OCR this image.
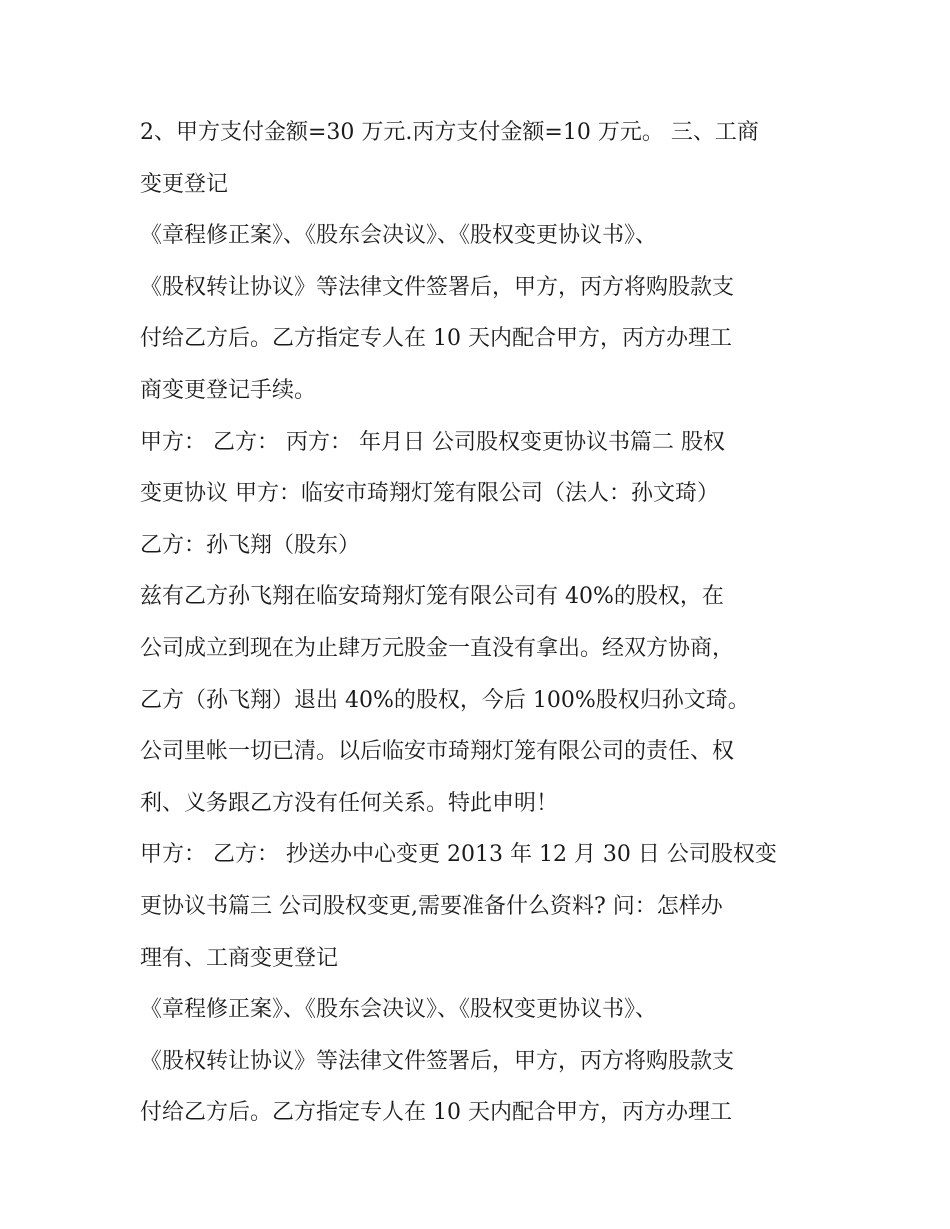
2、甲方支付金额=30 万元.丙方支付金额=10 万元。 三、工商
变更登记
《章程修正案》、《股东会决议》、《股权变更协议书》、
《股权转让协议》等法律文件签署后，甲方，丙方将购股款支
付给乙方后。乙方指定专人在 10 天内配合甲方，丙方办理工
商变更登记手续。
甲方： 乙方： 丙方： 年月日 公司股权变更协议书篇二 股权
变更协议 甲方：临安市琦翔灯笼有限公司（法人：孙文琦）
乙方：孙飞翔（股东）
兹有乙方孙飞翔在临安琦翔灯笼有限公司有 40%的股权，在
公司成立到现在为止肆万元股金一直没有拿出。经双方协商，
乙方（孙飞翔）退出 40%的股权，今后 100%股权归孙文琦。
公司里帐一切已清。以后临安市琦翔灯笼有限公司的责任、权
利、义务跟乙方没有任何关系。特此申明！
甲方： 乙方： 抄送办中心变更 2013 年 12 月 30 日 公司股权变
更协议书篇三 公司股权变更,需要准备什么资料? 问：怎样办
理有、工商变更登记
《章程修正案》、《股东会决议》、《股权变更协议书》、
《股权转让协议》等法律文件签署后，甲方，丙方将购股款支
付给乙方后。乙方指定专人在 10 天内配合甲方，丙方办理工
